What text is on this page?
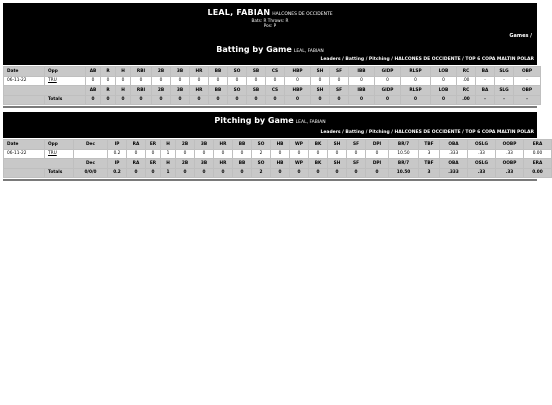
LEAL, FABIAN HALCONES DE OCCIDENTE
Bats: R Throws: R
Pos: P
Games /
Batting by Game LEAL, FABIAN
Leaders / Batting / Pitching / HALCONES DE OCCIDENTE / TOP 6 COPA MALTIN POLAR
Date	Opp	AB	R	H	RBI	2B	3B	HR	BB	SO	SB	CS	HBP	SH	SF	IBB	GIDP	RLSP	LOB	RC	BA	SLG	OBP
06-11-22	TRU	0	0	0	0	0	0	0	0	0	0	0	0	0	0	0	0	0	0	.00	-	-	-
		AB	R	H	RBI	2B	3B	HR	BB	SO	SB	CS	HBP	SH	SF	IBB	GIDP	RLSP	LOB	RC	BA	SLG	OBP
	Totals	0	0	0	0	0	0	0	0	0	0	0	0	0	0	0	0	0	0	.00	-	-	-
Pitching by Game LEAL, FABIAN
Leaders / Batting / Pitching / HALCONES DE OCCIDENTE / TOP 6 COPA MALTIN POLAR
Date	Opp	Dec	IP	RA	ER	H	2B	3B	HR	BB	SO	HB	WP	BK	SH	SF	DPI	BR/7	TBF	OBA	OSLG	OOBP	ERA
06-11-22	TRU		0.2	0	0	1	0	0	0	0	2	0	0	0	0	0	0	10.50	3	.333	.33	.33	0.00
		Dec	IP	RA	ER	H	2B	3B	HR	BB	SO	HB	WP	BK	SH	SF	DPI	BR/7	TBF	OBA	OSLG	OOBP	ERA
	Totals	0/0/0	0.2	0	0	1	0	0	0	0	2	0	0	0	0	0	0	10.50	3	.333	.33	.33	0.00
